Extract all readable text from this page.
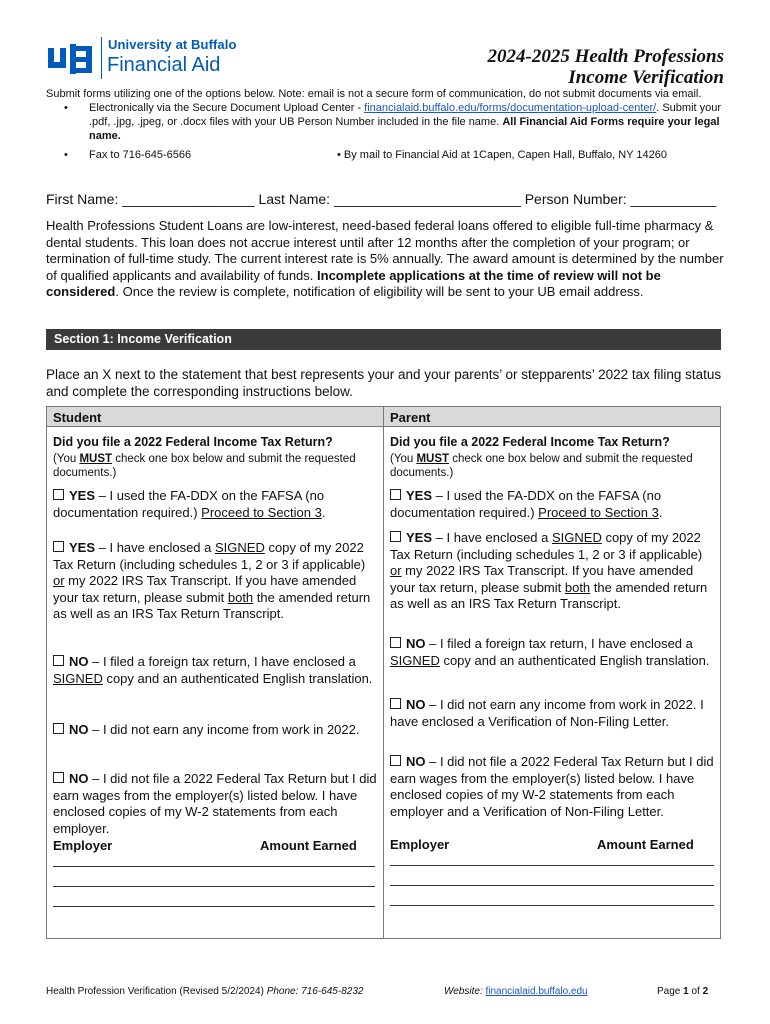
University at Buffalo
Financial Aid	2024-2025 Health Professions
Income Verification
Submit forms utilizing one of the options below. Note: email is not a secure form of communication, do not submit documents via email.
• Electronically via the Secure Document Upload Center - financialaid.buffalo.edu/forms/documentation-upload-center/. Submit your .pdf, .jpg, .jpeg, or .docx files with your UB Person Number included in the file name. All Financial Aid Forms require your legal name.
• Fax to 716-645-6566	• By mail to Financial Aid at 1Capen, Capen Hall, Buffalo, NY 14260
First Name: _________________ Last Name: ________________________ Person Number: ___________
Health Professions Student Loans are low-interest, need-based federal loans offered to eligible full-time pharmacy & dental students. This loan does not accrue interest until after 12 months after the completion of your program; or termination of full-time study. The current interest rate is 5% annually. The award amount is determined by the number of qualified applicants and availability of funds. Incomplete applications at the time of review will not be considered. Once the review is complete, notification of eligibility will be sent to your UB email address.
Section 1: Income Verification
Place an X next to the statement that best represents your and your parents’ or stepparents’ 2022 tax filing status and complete the corresponding instructions below.
Student	Parent
Did you file a 2022 Federal Income Tax Return?
(You MUST check one box below and submit the requested documents.)
YES – I used the FA-DDX on the FAFSA (no documentation required.) Proceed to Section 3.
YES – I have enclosed a SIGNED copy of my 2022 Tax Return (including schedules 1, 2 or 3 if applicable) or my 2022 IRS Tax Transcript. If you have amended your tax return, please submit both the amended return as well as an IRS Tax Return Transcript.
NO – I filed a foreign tax return, I have enclosed a SIGNED copy and an authenticated English translation.
NO – I did not earn any income from work in 2022.
NO – I did not file a 2022 Federal Tax Return but I did earn wages from the employer(s) listed below. I have enclosed copies of my W-2 statements from each employer.
Employer	Amount Earned
Did you file a 2022 Federal Income Tax Return?
(You MUST check one box below and submit the requested documents.)
YES – I used the FA-DDX on the FAFSA (no documentation required.) Proceed to Section 3.
YES – I have enclosed a SIGNED copy of my 2022 Tax Return (including schedules 1, 2 or 3 if applicable) or my 2022 IRS Tax Transcript. If you have amended your tax return, please submit both the amended return as well as an IRS Tax Return Transcript.
NO – I filed a foreign tax return, I have enclosed a SIGNED copy and an authenticated English translation.
NO – I did not earn any income from work in 2022. I have enclosed a Verification of Non-Filing Letter.
NO – I did not file a 2022 Federal Tax Return but I did earn wages from the employer(s) listed below. I have enclosed copies of my W-2 statements from each employer and a Verification of Non-Filing Letter.
Employer	Amount Earned
Health Profession Verification (Revised 5/2/2024) Phone: 716-645-8232	Website: financialaid.buffalo.edu	Page 1 of 2
